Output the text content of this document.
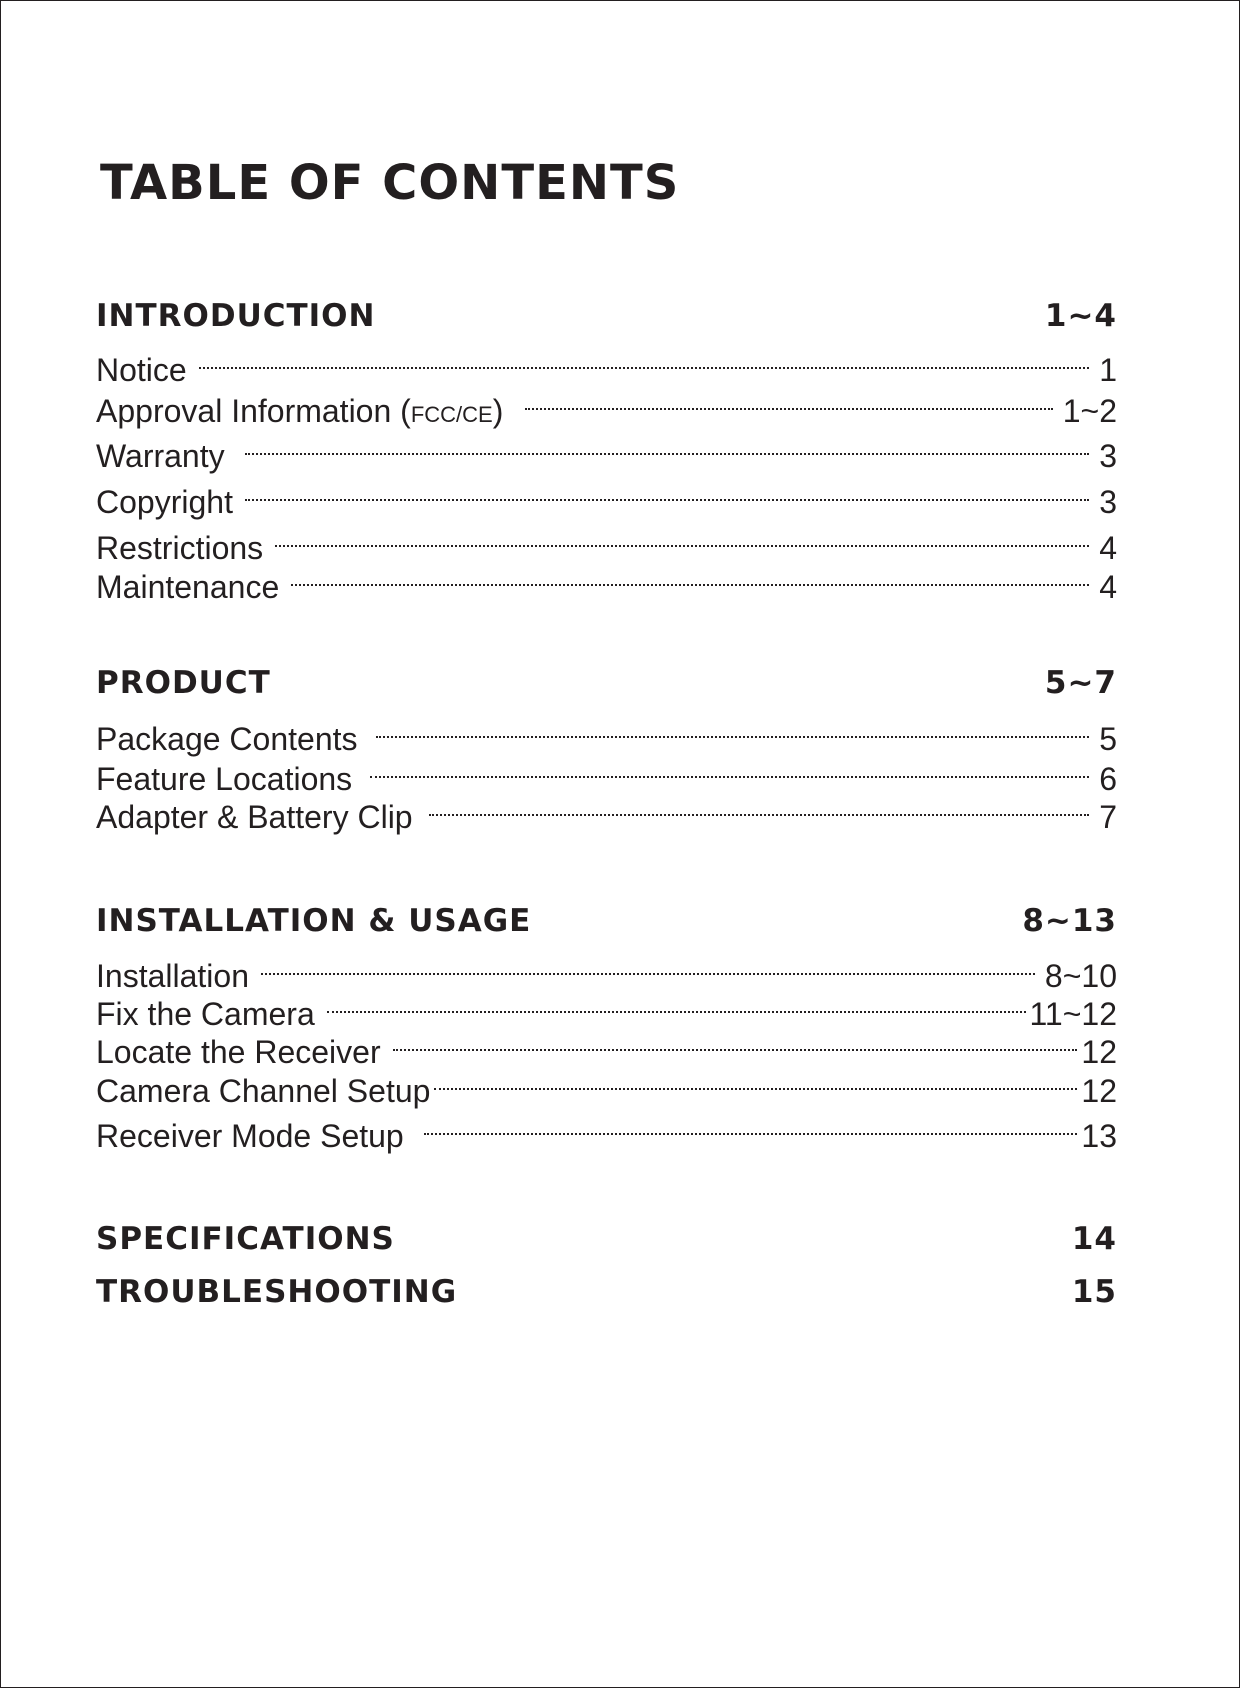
TABLE OF CONTENTS
INTRODUCTION	1~4
Notice	1
Approval Information (FCC/CE)	1~2
Warranty	3
Copyright	3
Restrictions	4
Maintenance	4
PRODUCT	5~7
Package Contents	5
Feature Locations	6
Adapter & Battery Clip	7
INSTALLATION & USAGE	8~13
Installation	8~10
Fix the Camera	11~12
Locate the Receiver	12
Camera Channel Setup	12
Receiver Mode Setup	13
SPECIFICATIONS	14
TROUBLESHOOTING	15
